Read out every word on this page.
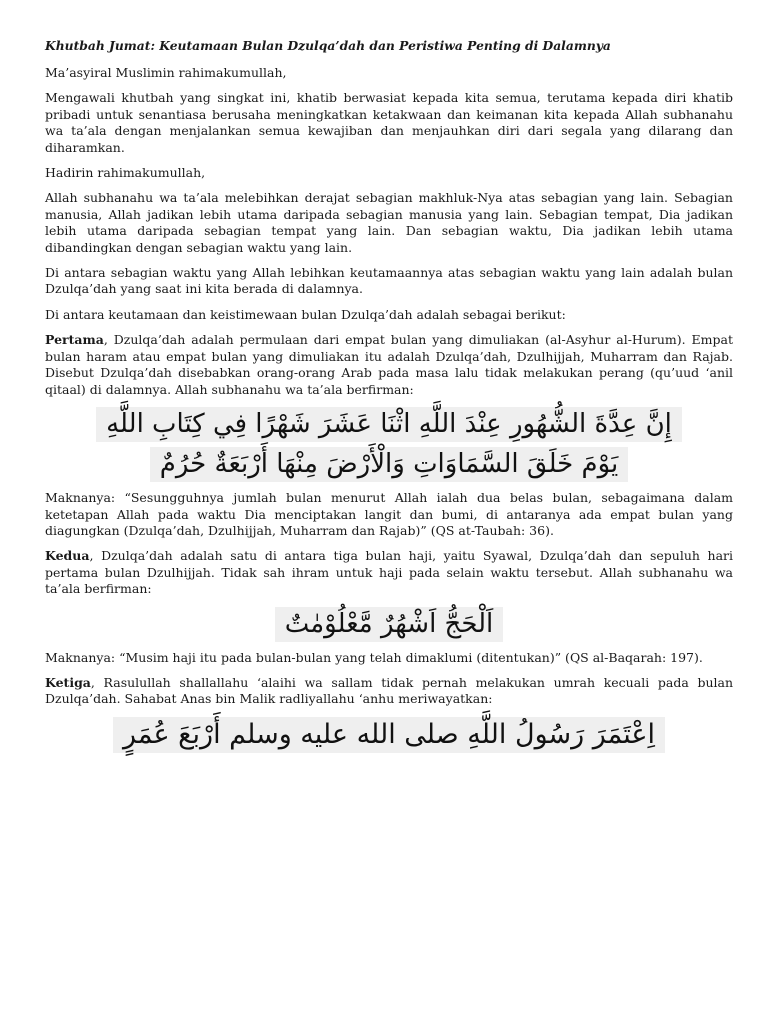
Khutbah Jumat: Keutamaan Bulan Dzulqa’dah dan Peristiwa Penting di Dalamnya

Ma’asyiral Muslimin rahimakumullah,

Mengawali khutbah yang singkat ini, khatib berwasiat kepada kita semua, terutama kepada diri khatib pribadi untuk senantiasa berusaha meningkatkan ketakwaan dan keimanan kita kepada Allah subhanahu wa ta’ala dengan menjalankan semua kewajiban dan menjauhkan diri dari segala yang dilarang dan diharamkan.

Hadirin rahimakumullah,

Allah subhanahu wa ta’ala melebihkan derajat sebagian makhluk-Nya atas sebagian yang lain. Sebagian manusia, Allah jadikan lebih utama daripada sebagian manusia yang lain. Sebagian tempat, Dia jadikan lebih utama daripada sebagian tempat yang lain. Dan sebagian waktu, Dia jadikan lebih utama dibandingkan dengan sebagian waktu yang lain.

Di antara sebagian waktu yang Allah lebihkan keutamaannya atas sebagian waktu yang lain adalah bulan Dzulqa’dah yang saat ini kita berada di dalamnya.

Di antara keutamaan dan keistimewaan bulan Dzulqa’dah adalah sebagai berikut:

Pertama, Dzulqa’dah adalah permulaan dari empat bulan yang dimuliakan (al-Asyhur al-Hurum). Empat bulan haram atau empat bulan yang dimuliakan itu adalah Dzulqa’dah, Dzulhijjah, Muharram dan Rajab. Disebut Dzulqa’dah disebabkan orang-orang Arab pada masa lalu tidak melakukan perang (qu’uud ‘anil qitaal) di dalamnya. Allah subhanahu wa ta’ala berfirman:

إِنَّ عِدَّةَ الشُّهُورِ عِنْدَ اللَّهِ اثْنَا عَشَرَ شَهْرًا فِي كِتَابِ اللَّهِ
يَوْمَ خَلَقَ السَّمَاوَاتِ وَالْأَرْضَ مِنْهَا أَرْبَعَةٌ حُرُمٌ

Maknanya: “Sesungguhnya jumlah bulan menurut Allah ialah dua belas bulan, sebagaimana dalam ketetapan Allah pada waktu Dia menciptakan langit dan bumi, di antaranya ada empat bulan yang diagungkan (Dzulqa’dah, Dzulhijjah, Muharram dan Rajab)” (QS at-Taubah: 36).

Kedua, Dzulqa’dah adalah satu di antara tiga bulan haji, yaitu Syawal, Dzulqa’dah dan sepuluh hari pertama bulan Dzulhijjah. Tidak sah ihram untuk haji pada selain waktu tersebut. Allah subhanahu wa ta’ala berfirman:

اَلْحَجُّ اَشْهُرٌ مَّعْلُوْمٰتٌ

Maknanya: “Musim haji itu pada bulan-bulan yang telah dimaklumi (ditentukan)” (QS al-Baqarah: 197).

Ketiga, Rasulullah shallallahu ‘alaihi wa sallam tidak pernah melakukan umrah kecuali pada bulan Dzulqa’dah. Sahabat Anas bin Malik radliyallahu ‘anhu meriwayatkan:

اِعْتَمَرَ رَسُولُ اللَّهِ صلى الله عليه وسلم أَرْبَعَ عُمَرٍ
